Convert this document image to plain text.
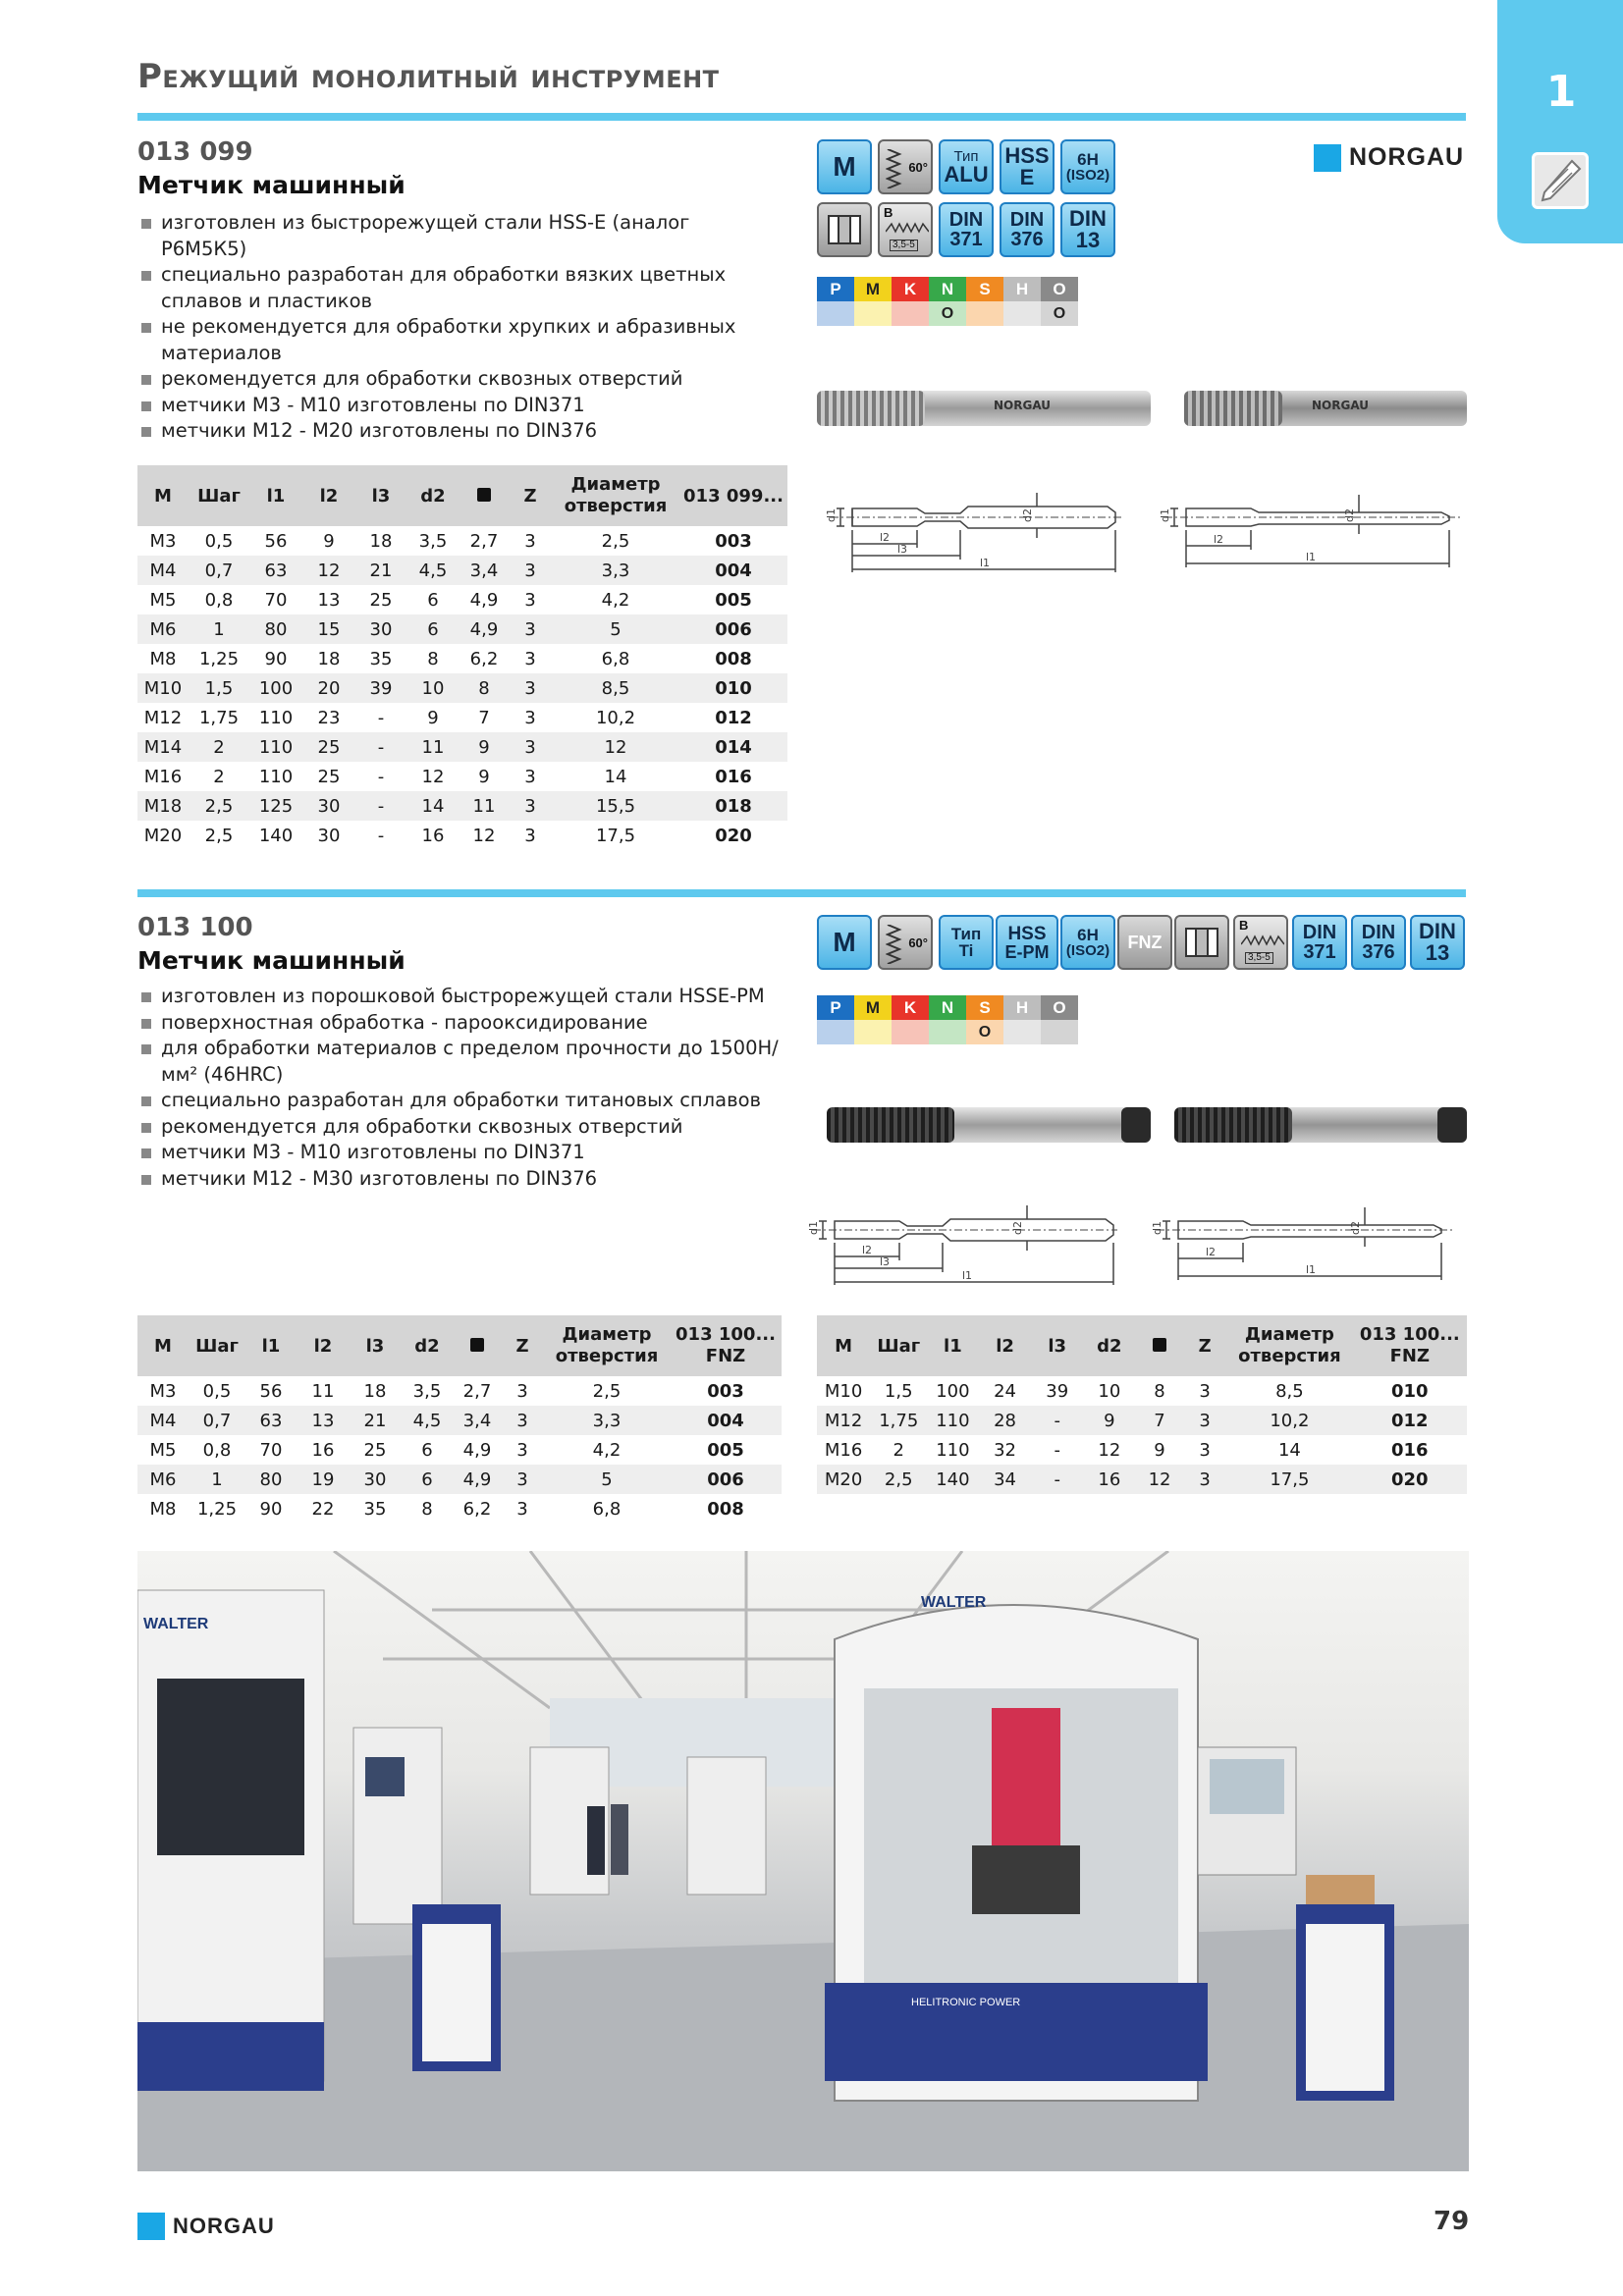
Режущий монолитный инструмент	1
013 099
Метчик машинный
изготовлен из быстрорежущей стали HSS-E (аналог Р6М5К5)
специально разработан для обработки вязких цветных сплавов и пластиков
не рекомендуется для обработки хрупких и абразивных материалов
рекомендуется для обработки сквозных отверстий
метчики М3 - М10 изготовлены по DIN371
метчики М12 - М20 изготовлены по DIN376
M	60°
Тип
ALU
HSS
E
6H
(ISO2)
B
3,5-5
DIN
371
DIN
376
DIN
13
NORGAU
P	M	K	N	S	H	O
			O			O
NORGAU	NORGAU
M	Шаг	l1	l2	l3	d2		Z	Диаметр отверстия	013 099...
M3	0,5	56	9	18	3,5	2,7	3	2,5	003
M4	0,7	63	12	21	4,5	3,4	3	3,3	004
M5	0,8	70	13	25	6	4,9	3	4,2	005
M6	1	80	15	30	6	4,9	3	5	006
M8	1,25	90	18	35	8	6,2	3	6,8	008
M10	1,5	100	20	39	10	8	3	8,5	010
M12	1,75	110	23	-	9	7	3	10,2	012
M14	2	110	25	-	11	9	3	12	014
M16	2	110	25	-	12	9	3	14	016
M18	2,5	125	30	-	14	11	3	15,5	018
M20	2,5	140	30	-	16	12	3	17,5	020
d1	d2
l2
l3
l1
d1	d2
l2
l1
013 100
Метчик машинный
изготовлен из порошковой быстрорежущей стали HSSE-PM
поверхностная обработка - парооксидирование
для обработки материалов с пределом прочности до 1500Н/мм² (46HRC)
специально разработан для обработки титановых сплавов
рекомендуется для обработки сквозных отверстий
метчики М3 - М10 изготовлены по DIN371
метчики М12 - М30 изготовлены по DIN376
M	60° Тип
Ti
HSS
E-PM
6H
(ISO2) FNZ
B
3,5-5
DIN
371
DIN
376
DIN
13
P	M	K	N	S	H	O
				O		
d1	d2
l2
l3
l1
d1	d2
l2
l1
M	Шаг	l1	l2	l3	d2		Z	Диаметр отверстия	013 100... FNZ
M3	0,5	56	11	18	3,5	2,7	3	2,5	003
M4	0,7	63	13	21	4,5	3,4	3	3,3	004
M5	0,8	70	16	25	6	4,9	3	4,2	005
M6	1	80	19	30	6	4,9	3	5	006
M8	1,25	90	22	35	8	6,2	3	6,8	008
M	Шаг	l1	l2	l3	d2		Z	Диаметр отверстия	013 100... FNZ
M10	1,5	100	24	39	10	8	3	8,5	010
M12	1,75	110	28	-	9	7	3	10,2	012
M16	2	110	32	-	12	9	3	14	016
M20	2,5	140	34	-	16	12	3	17,5	020
WALTER
WALTER
HELITRONIC POWER
NORGAU	79
